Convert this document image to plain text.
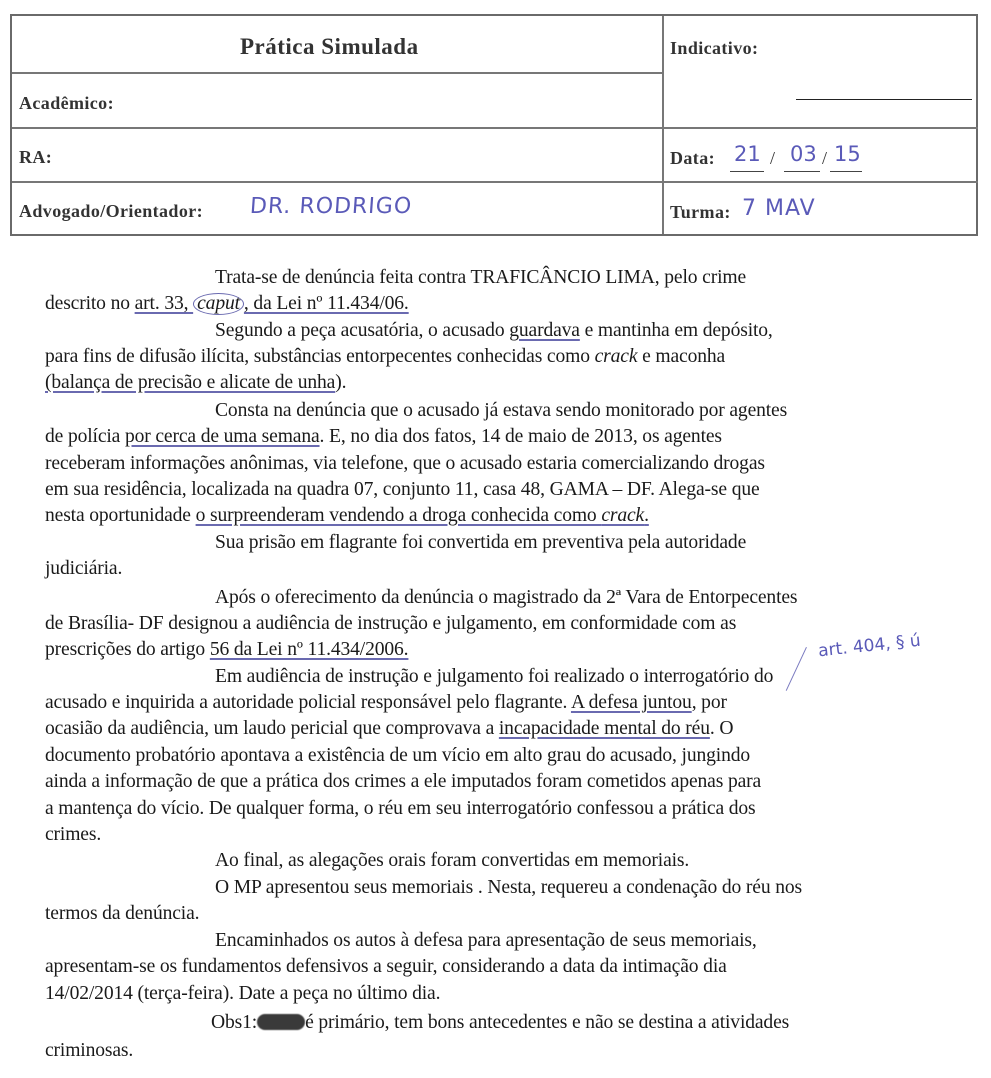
Prática Simulada
Acadêmico:
RA:
Advogado/Orientador: DR. RODRIGO
Indicativo:
Data: 21 / 03 / 15
Turma: 7 MAV
Trata-se de denúncia feita contra TRAFICÂNCIO LIMA, pelo crime
descrito no art. 33, caput , da Lei nº 11.434/06.
Segundo a peça acusatória, o acusado guardava e mantinha em depósito,
para fins de difusão ilícita, substâncias entorpecentes conhecidas como crack e maconha
(balança de precisão e alicate de unha).
Consta na denúncia que o acusado já estava sendo monitorado por agentes
de polícia por cerca de uma semana. E, no dia dos fatos, 14 de maio de 2013, os agentes
receberam informações anônimas, via telefone, que o acusado estaria comercializando drogas
em sua residência, localizada na quadra 07, conjunto 11, casa 48, GAMA – DF. Alega-se que
nesta oportunidade o surpreenderam vendendo a droga conhecida como crack.
Sua prisão em flagrante foi convertida em preventiva pela autoridade
judiciária.
Após o oferecimento da denúncia o magistrado da 2ª Vara de Entorpecentes
de Brasília- DF designou a audiência de instrução e julgamento, em conformidade com as
prescrições do artigo 56 da Lei nº 11.434/2006.
Em audiência de instrução e julgamento foi realizado o interrogatório do
acusado e inquirida a autoridade policial responsável pelo flagrante. A defesa juntou, por
ocasião da audiência, um laudo pericial que comprovava a incapacidade mental do réu. O
documento probatório apontava a existência de um vício em alto grau do acusado, jungindo
ainda a informação de que a prática dos crimes a ele imputados foram cometidos apenas para
a mantença do vício. De qualquer forma, o réu em seu interrogatório confessou a prática dos
crimes.
Ao final, as alegações orais foram convertidas em memoriais.
O MP apresentou seus memoriais . Nesta, requereu a condenação do réu nos
termos da denúncia.
Encaminhados os autos à defesa para apresentação de seus memoriais,
apresentam-se os fundamentos defensivos a seguir, considerando a data da intimação dia
14/02/2014 (terça-feira). Date a peça no último dia.
Obs1: é primário, tem bons antecedentes e não se destina a atividades
criminosas.
art. 404, § ú
